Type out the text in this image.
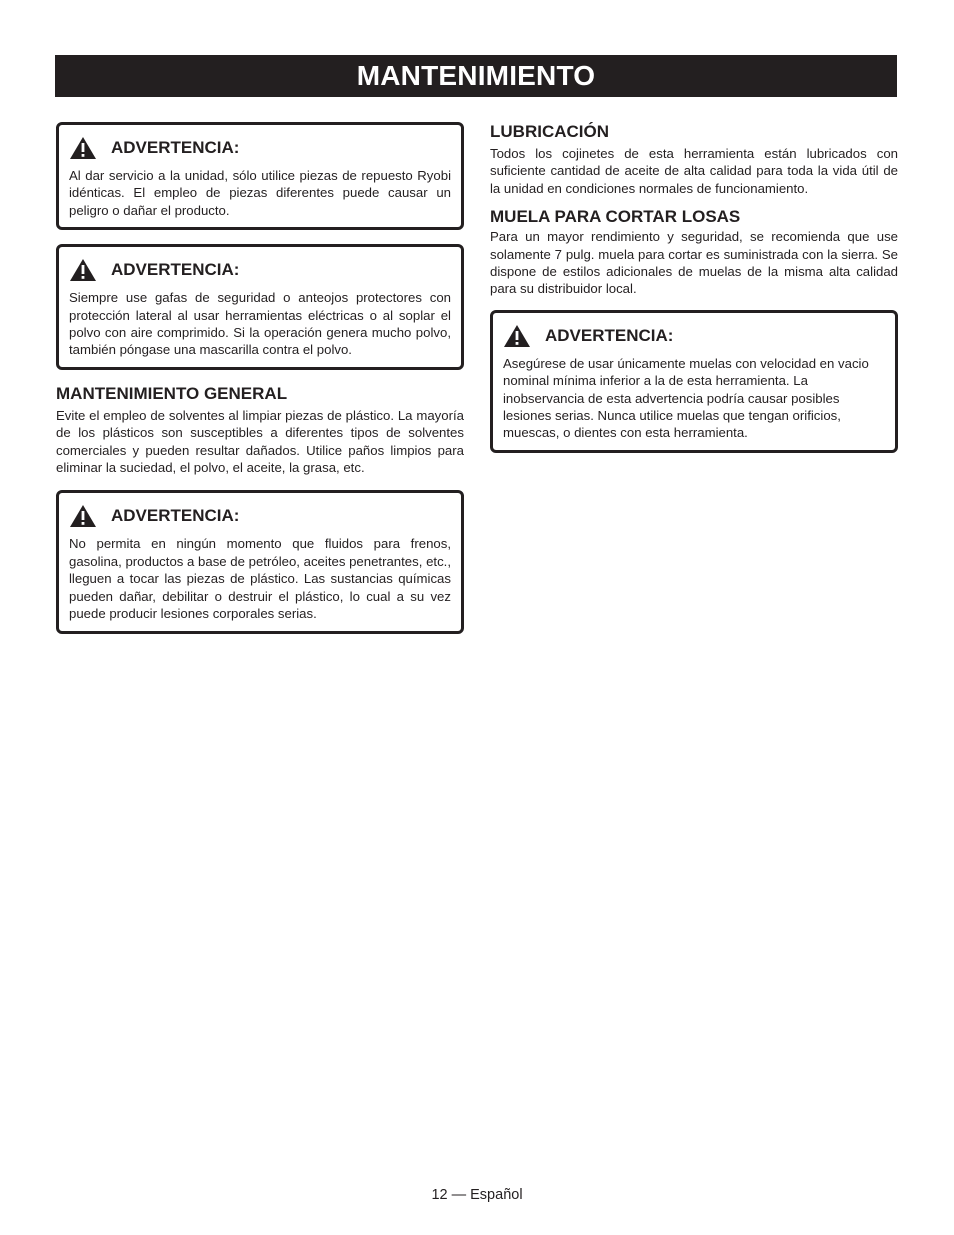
MANTENIMIENTO
ADVERTENCIA:
Al dar servicio a la unidad, sólo utilice piezas de repuesto Ryobi idénticas. El empleo de piezas diferentes puede causar un peligro o dañar el producto.
ADVERTENCIA:
Siempre use gafas de seguridad o anteojos protectores con protección lateral al usar herramientas eléctricas o al soplar el polvo con aire comprimido. Si la operación genera mucho polvo, también póngase una mascarilla contra el polvo.
MANTENIMIENTO GENERAL
Evite el empleo de solventes al limpiar piezas de plástico. La mayoría de los plásticos son susceptibles a diferentes tipos de solventes comerciales y pueden resultar dañados. Utilice paños limpios para eliminar la suciedad, el polvo, el aceite, la grasa, etc.
ADVERTENCIA:
No permita en ningún momento que fluidos para frenos, gasolina, productos a base de petróleo, aceites penetrantes, etc., lleguen a tocar las piezas de plástico. Las sustancias químicas pueden dañar, debilitar o destruir el plástico, lo cual a su vez puede producir lesiones corporales serias.
LUBRICACIÓN
Todos los cojinetes de esta herramienta están lubricados con suficiente cantidad de aceite de alta calidad para toda la vida útil de la unidad en condiciones normales de funcionamiento.
MUELA PARA CORTAR LOSAS
Para un mayor rendimiento y seguridad, se recomienda que use solamente 7 pulg. muela para cortar es suministrada con la sierra. Se dispone de estilos adicionales de muelas de la misma alta calidad para su distribuidor local.
ADVERTENCIA:
Asegúrese de usar únicamente muelas con velocidad en vacio nominal mínima inferior a la de esta herramienta. La inobservancia de esta advertencia podría causar posibles lesiones serias. Nunca utilice muelas que tengan orificios, muescas, o dientes con esta herramienta.
12 — Español
